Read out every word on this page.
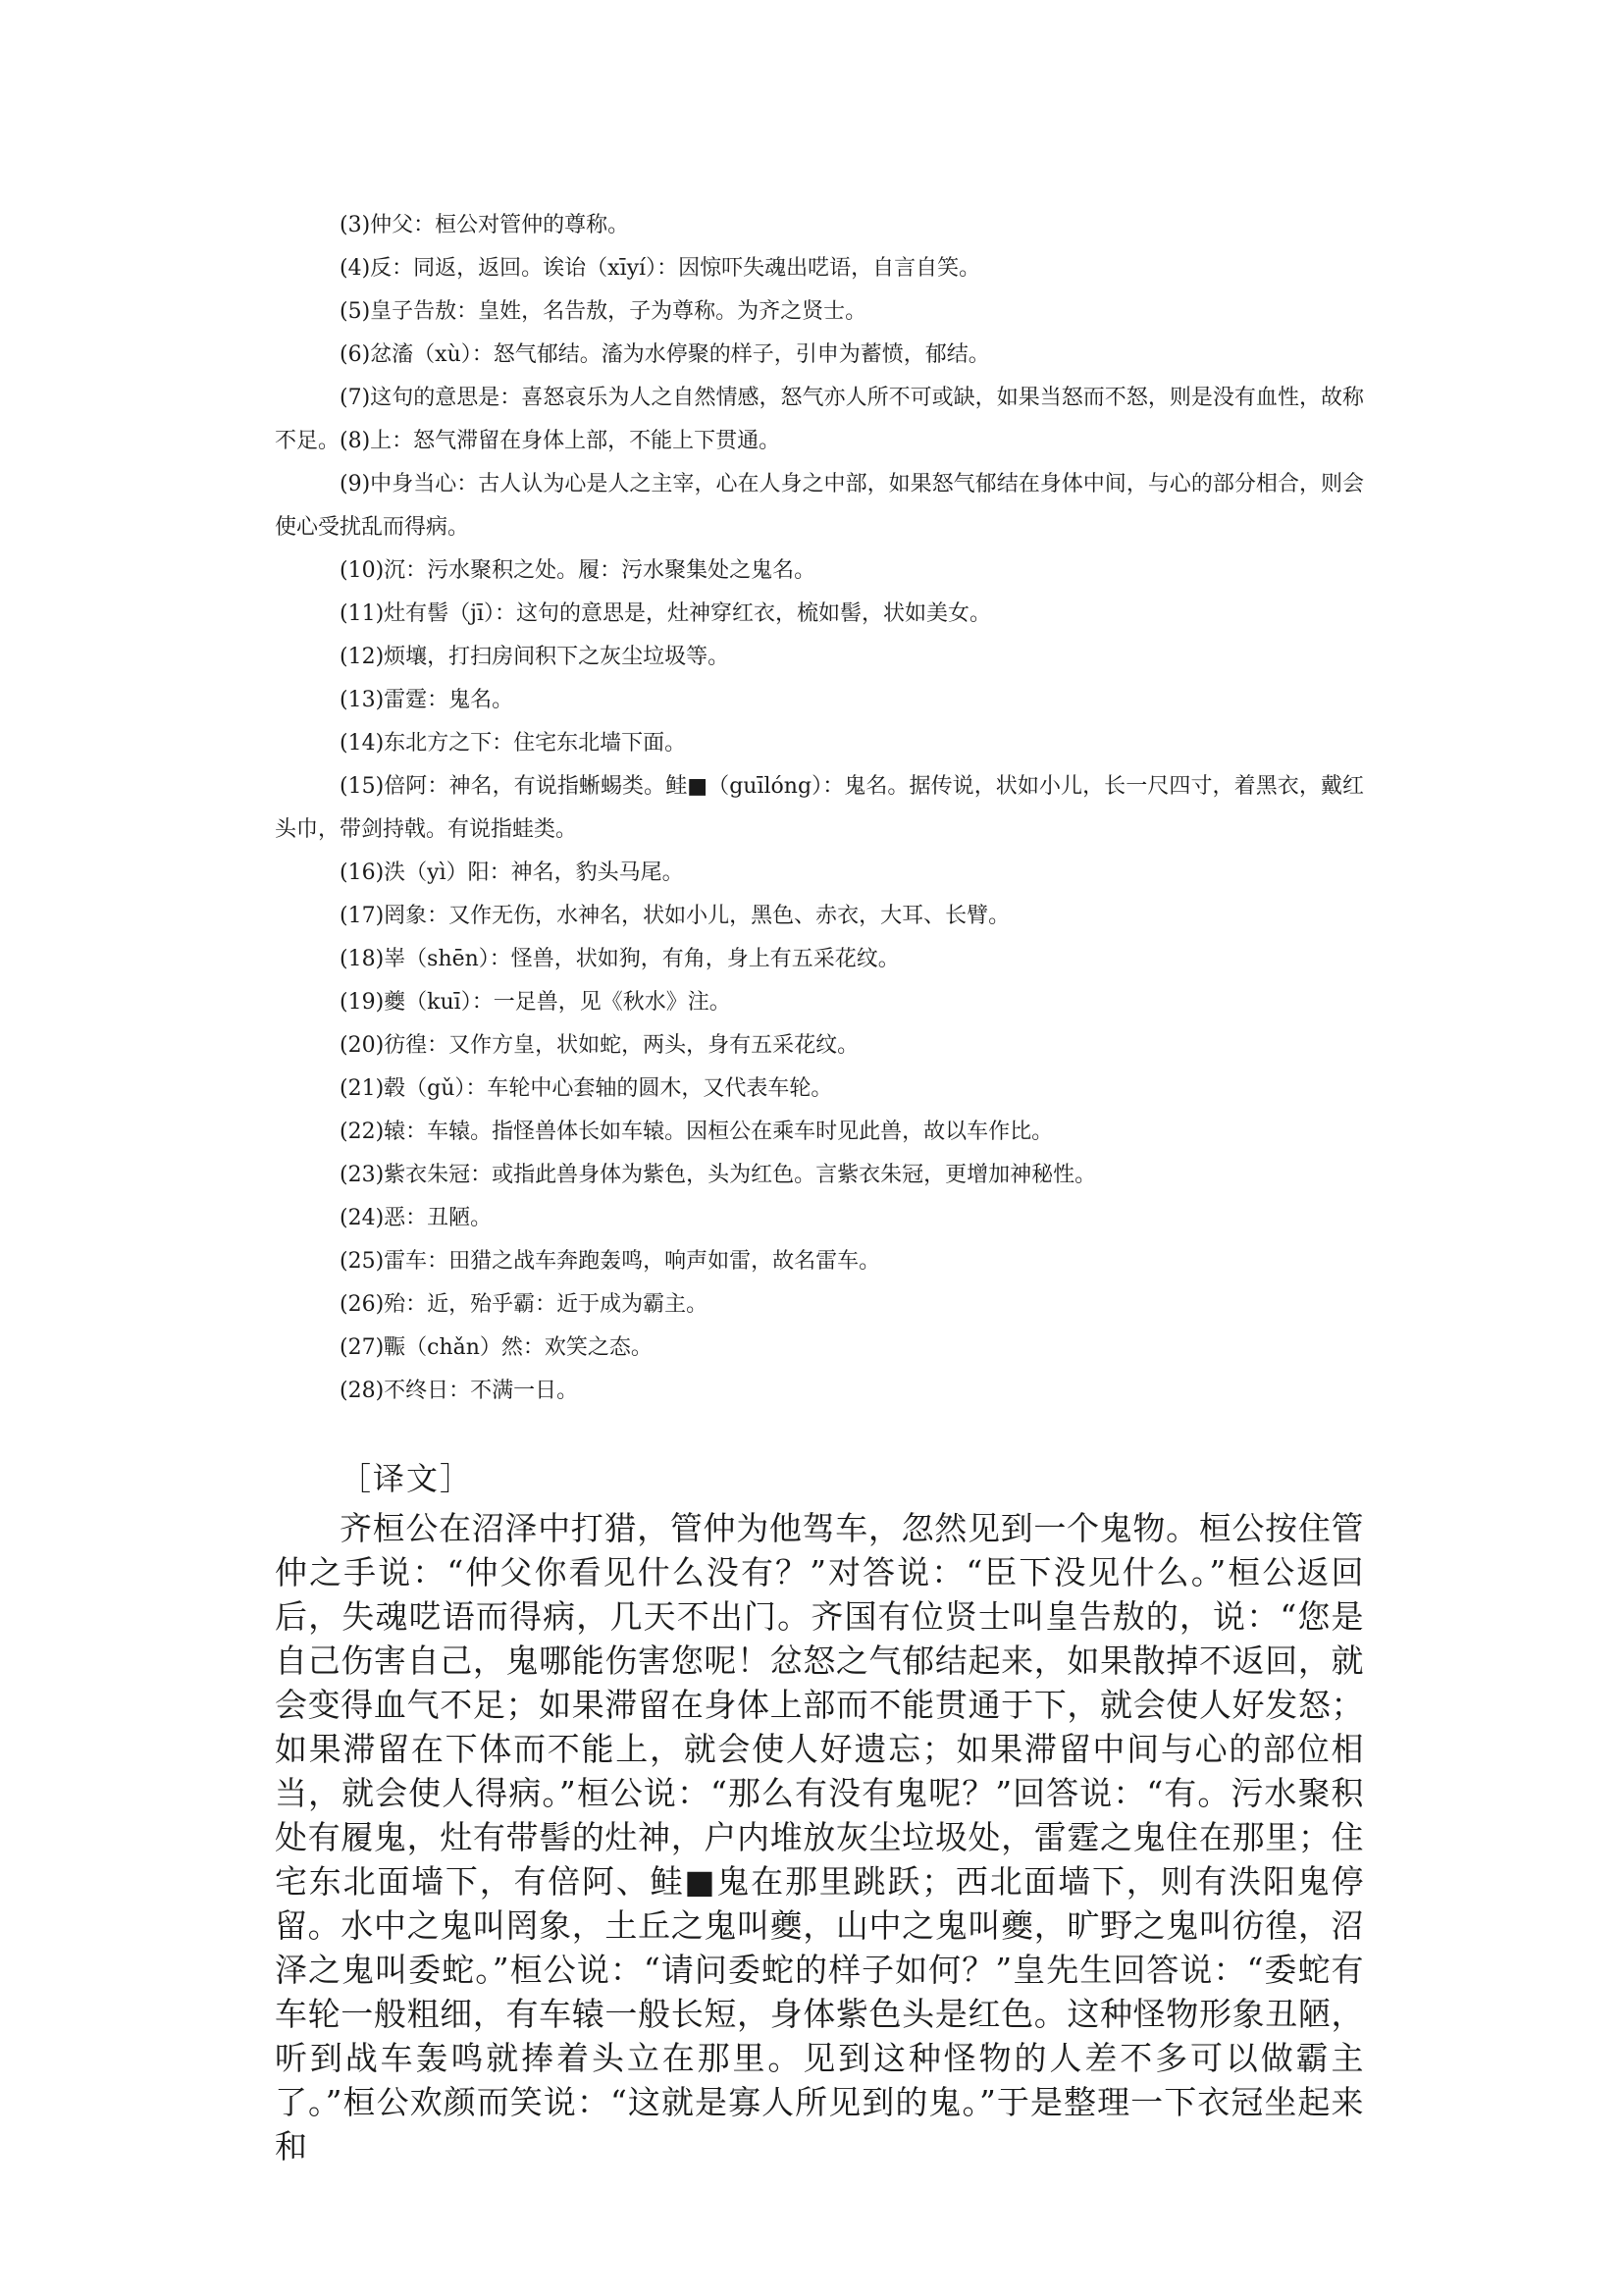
(3)仲父：桓公对管仲的尊称。

(4)反：同返，返回。诶诒（xīyí）：因惊吓失魂出呓语，自言自笑。

(5)皇子告敖：皇姓，名告敖，子为尊称。为齐之贤士。

(6)忿滀（xù）：怒气郁结。滀为水停聚的样子，引申为蓄愤，郁结。

(7)这句的意思是：喜怒哀乐为人之自然情感，怒气亦人所不可或缺，如果当怒而不怒，则是没有血性，故称不足。(8)上：怒气滞留在身体上部，不能上下贯通。

(9)中身当心：古人认为心是人之主宰，心在人身之中部，如果怒气郁结在身体中间，与心的部分相合，则会使心受扰乱而得病。

(10)沉：污水聚积之处。履：污水聚集处之鬼名。

(11)灶有髻（jī）：这句的意思是，灶神穿红衣，梳如髻，状如美女。

(12)烦壤，打扫房间积下之灰尘垃圾等。

(13)雷霆：鬼名。

(14)东北方之下：住宅东北墙下面。

(15)倍阿：神名，有说指蜥蜴类。鲑■（guīlóng）：鬼名。据传说，状如小儿，长一尺四寸，着黑衣，戴红头巾，带剑持戟。有说指蛙类。

(16)泆（yì）阳：神名，豹头马尾。

(17)罔象：又作无伤，水神名，状如小儿，黑色、赤衣，大耳、长臂。

(18)峷（shēn）：怪兽，状如狗，有角，身上有五采花纹。

(19)夔（kuī）：一足兽，见《秋水》注。

(20)彷徨：又作方皇，状如蛇，两头，身有五采花纹。

(21)毂（gǔ）：车轮中心套轴的圆木，又代表车轮。

(22)辕：车辕。指怪兽体长如车辕。因桓公在乘车时见此兽，故以车作比。

(23)紫衣朱冠：或指此兽身体为紫色，头为红色。言紫衣朱冠，更增加神秘性。

(24)恶：丑陋。

(25)雷车：田猎之战车奔跑轰鸣，响声如雷，故名雷车。

(26)殆：近，殆乎霸：近于成为霸主。

(27)辴（chǎn）然：欢笑之态。

(28)不终日：不满一日。

［译文］

齐桓公在沼泽中打猎，管仲为他驾车，忽然见到一个鬼物。桓公按住管仲之手说：“仲父你看见什么没有？”对答说：“臣下没见什么。”桓公返回后，失魂呓语而得病，几天不出门。齐国有位贤士叫皇告敖的，说：“您是自己伤害自己，鬼哪能伤害您呢！忿怒之气郁结起来，如果散掉不返回，就会变得血气不足；如果滞留在身体上部而不能贯通于下，就会使人好发怒；如果滞留在下体而不能上，就会使人好遗忘；如果滞留中间与心的部位相当，就会使人得病。”桓公说：“那么有没有鬼呢？”回答说：“有。污水聚积处有履鬼，灶有带髻的灶神，户内堆放灰尘垃圾处，雷霆之鬼住在那里；住宅东北面墙下，有倍阿、鲑■鬼在那里跳跃；西北面墙下，则有泆阳鬼停留。水中之鬼叫罔象，土丘之鬼叫夔，山中之鬼叫夔，旷野之鬼叫彷徨，沼泽之鬼叫委蛇。”桓公说：“请问委蛇的样子如何？”皇先生回答说：“委蛇有车轮一般粗细，有车辕一般长短，身体紫色头是红色。这种怪物形象丑陋，听到战车轰鸣就捧着头立在那里。见到这种怪物的人差不多可以做霸主了。”桓公欢颜而笑说：“这就是寡人所见到的鬼。”于是整理一下衣冠坐起来和
